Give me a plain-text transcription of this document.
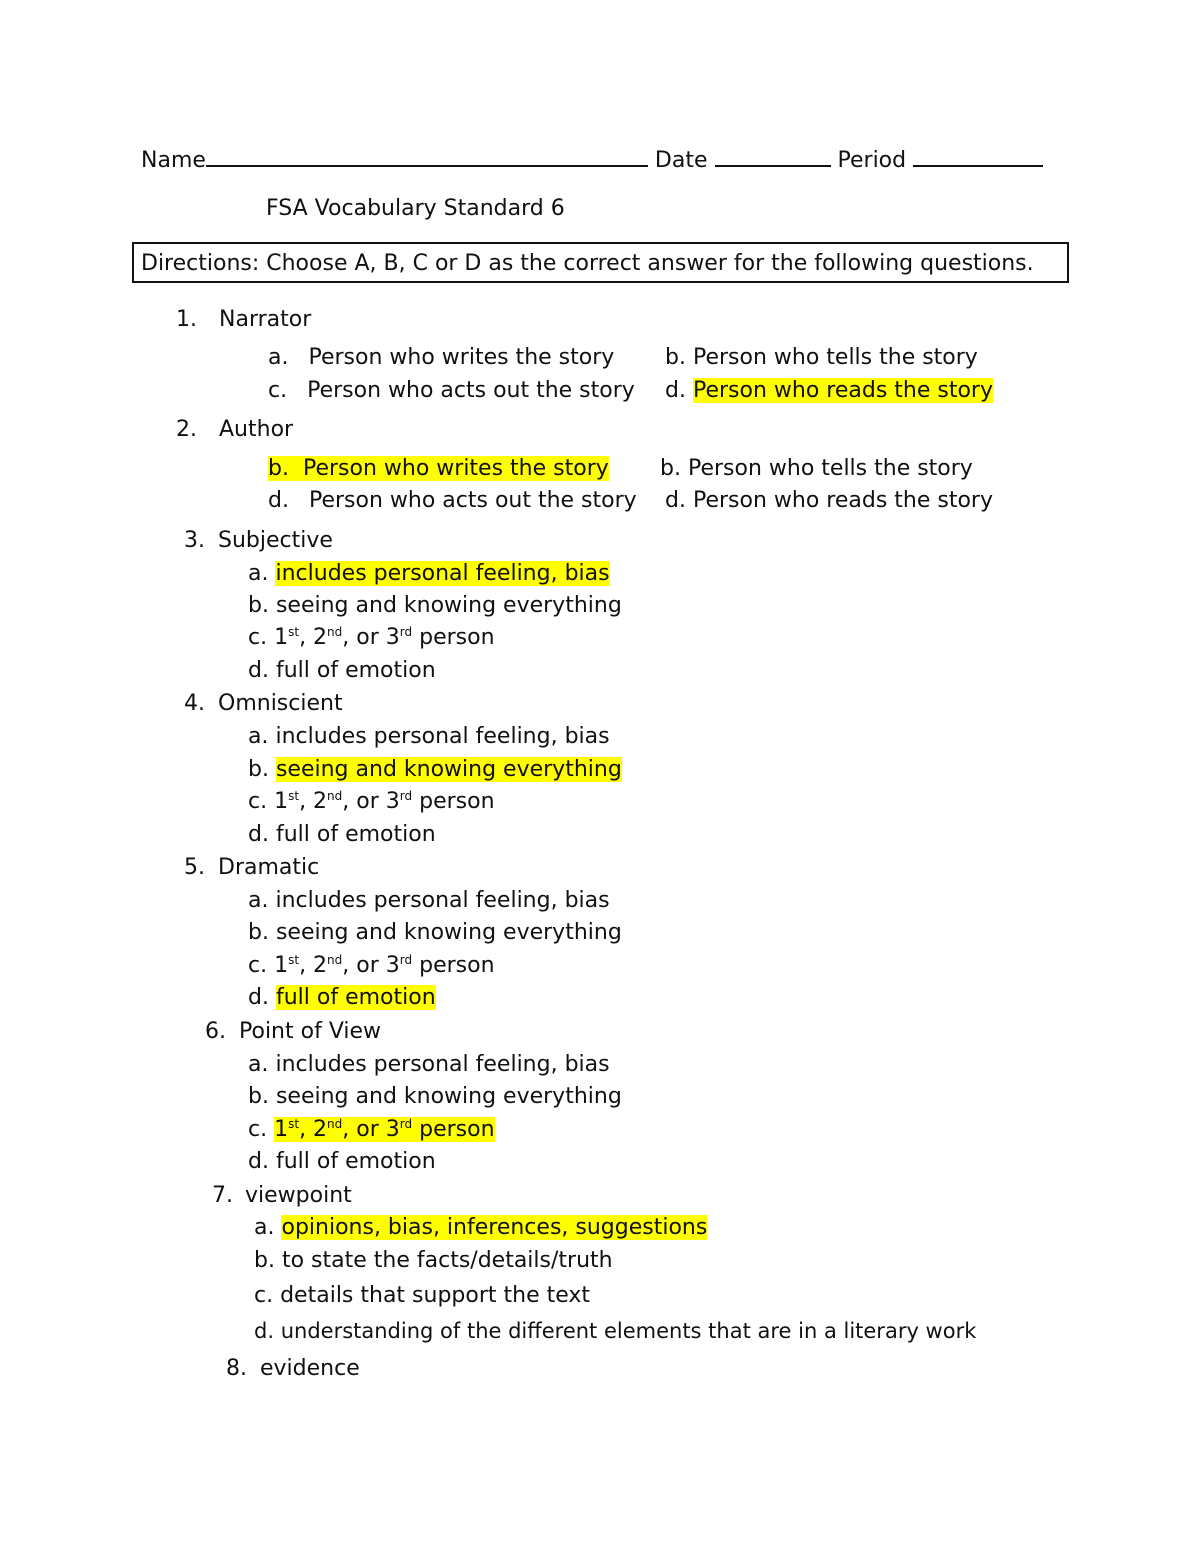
Name	Date	Period
FSA Vocabulary Standard 6
Directions: Choose A, B, C or D as the correct answer for the following questions.
1. Narrator
a. Person who writes the story b. Person who tells the story
c. Person who acts out the story d. Person who reads the story
2. Author
b. Person who writes the story b. Person who tells the story
d. Person who acts out the story d. Person who reads the story
3. Subjective
a. includes personal feeling, bias
b. seeing and knowing everything
c. 1st, 2nd, or 3rd person
d. full of emotion
4. Omniscient
a. includes personal feeling, bias
b. seeing and knowing everything
c. 1st, 2nd, or 3rd person
d. full of emotion
5. Dramatic
a. includes personal feeling, bias
b. seeing and knowing everything
c. 1st, 2nd, or 3rd person
d. full of emotion
6. Point of View
a. includes personal feeling, bias
b. seeing and knowing everything
c. 1st, 2nd, or 3rd person
d. full of emotion
7. viewpoint
a. opinions, bias, inferences, suggestions
b. to state the facts/details/truth
c. details that support the text
d. understanding of the different elements that are in a literary work
8. evidence
